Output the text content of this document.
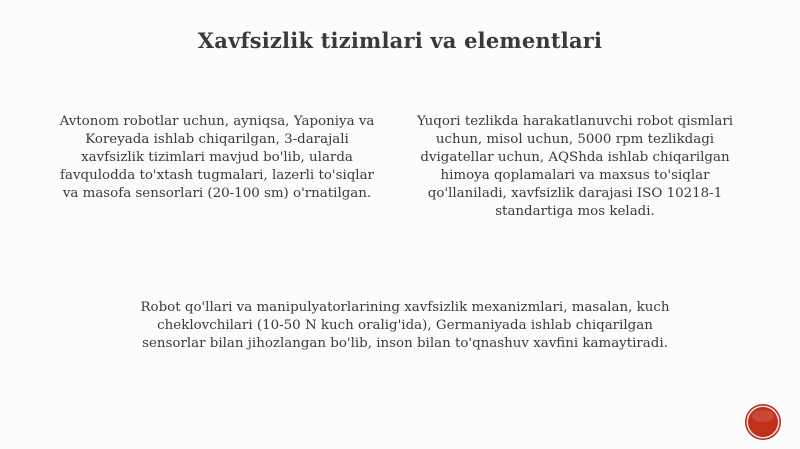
Xavfsizlik tizimlari va elementlari

Avtonom robotlar uchun, ayniqsa, Yaponiya va Koreyada ishlab chiqarilgan, 3-darajali xavfsizlik tizimlari mavjud bo'lib, ularda favqulodda to'xtash tugmalari, lazerli to'siqlar va masofa sensorlari (20-100 sm) o'rnatilgan.

Yuqori tezlikda harakatlanuvchi robot qismlari uchun, misol uchun, 5000 rpm tezlikdagi dvigatellar uchun, AQShda ishlab chiqarilgan himoya qoplamalari va maxsus to'siqlar qo'llaniladi, xavfsizlik darajasi ISO 10218-1 standartiga mos keladi.

Robot qo'llari va manipulyatorlarining xavfsizlik mexanizmlari, masalan, kuch cheklovchilari (10-50 N kuch oralig'ida), Germaniyada ishlab chiqarilgan sensorlar bilan jihozlangan bo'lib, inson bilan to'qnashuv xavfini kamaytiradi.
